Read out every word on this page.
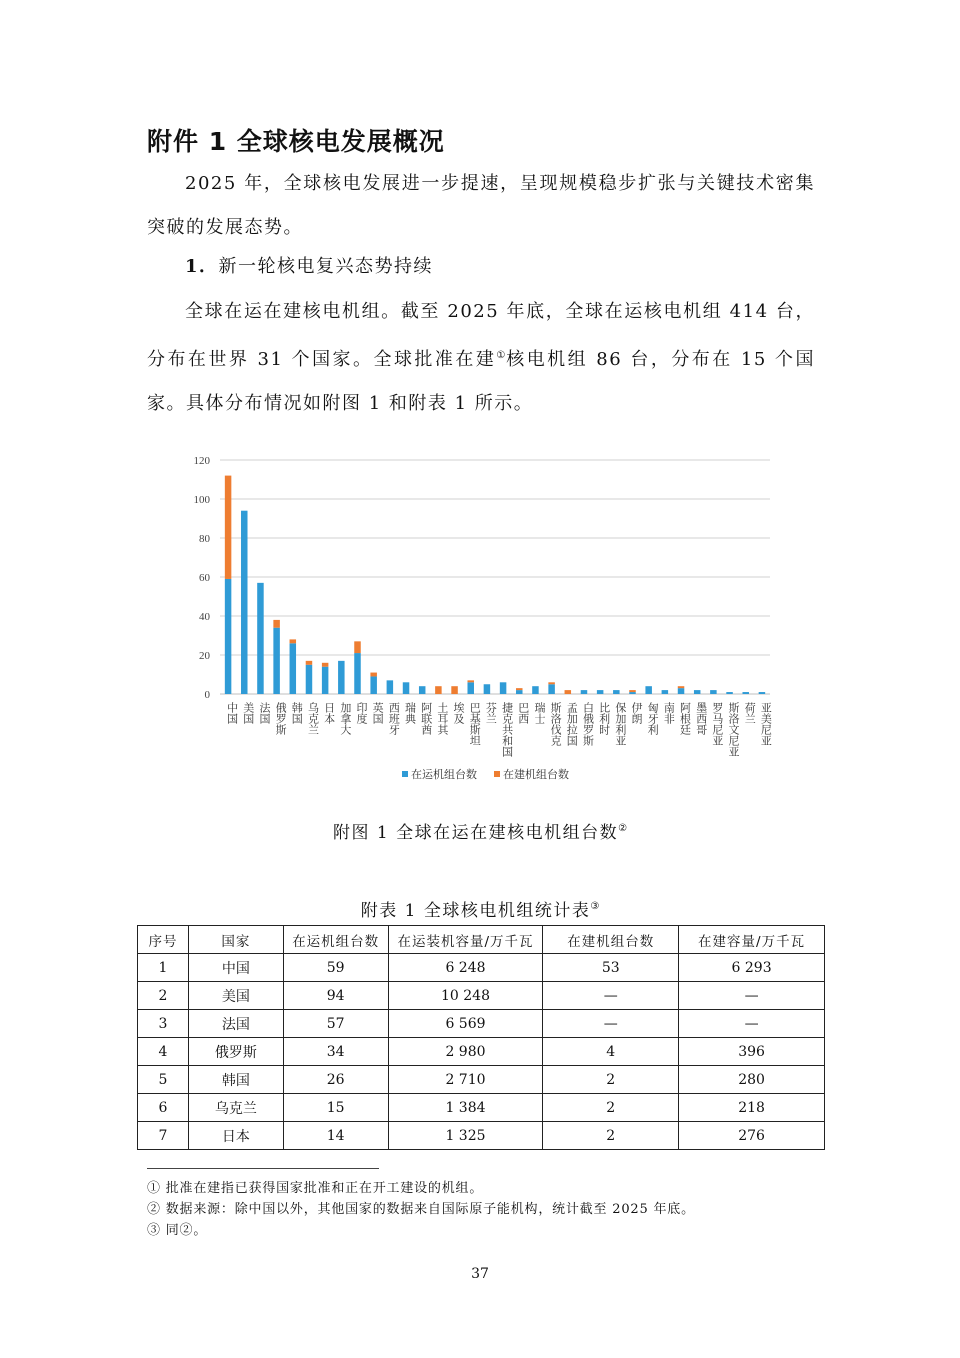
附件 1 全球核电发展概况

2025 年，全球核电发展进一步提速，呈现规模稳步扩张与关键技术密集突破的发展态势。

1．新一轮核电复兴态势持续

全球在运在建核电机组。截至 2025 年底，全球在运核电机组 414 台，分布在世界 31 个国家。全球批准在建①核电机组 86 台，分布在 15 个国家。具体分布情况如附图 1 和附表 1 所示。

0
20
40
60
80
100
120
中国 美国 法国 俄罗斯 韩国 乌克兰 日本 加拿大 印度 英国 西班牙 瑞典 阿联酋 土耳其 埃及 巴基斯坦 芬兰 捷克共和国 巴西 瑞士 斯洛伐克 孟加拉国 白俄罗斯 比利时 保加利亚 伊朗 匈牙利 南非 阿根廷 墨西哥 罗马尼亚 斯洛文尼亚 荷兰 亚美尼亚
在运机组台数 在建机组台数
附图 1 全球在运在建核电机组台数②
附表 1 全球核电机组统计表③
序号	国家	在运机组台数	在运装机容量/万千瓦	在建机组台数	在建容量/万千瓦
1	中国	59	6 248	53	6 293
2	美国	94	10 248	—	—
3	法国	57	6 569	—	—
4	俄罗斯	34	2 980	4	396
5	韩国	26	2 710	2	280
6	乌克兰	15	1 384	2	218
7	日本	14	1 325	2	276
① 批准在建指已获得国家批准和正在开工建设的机组。
② 数据来源：除中国以外，其他国家的数据来自国际原子能机构，统计截至 2025 年底。
③ 同②。
37
